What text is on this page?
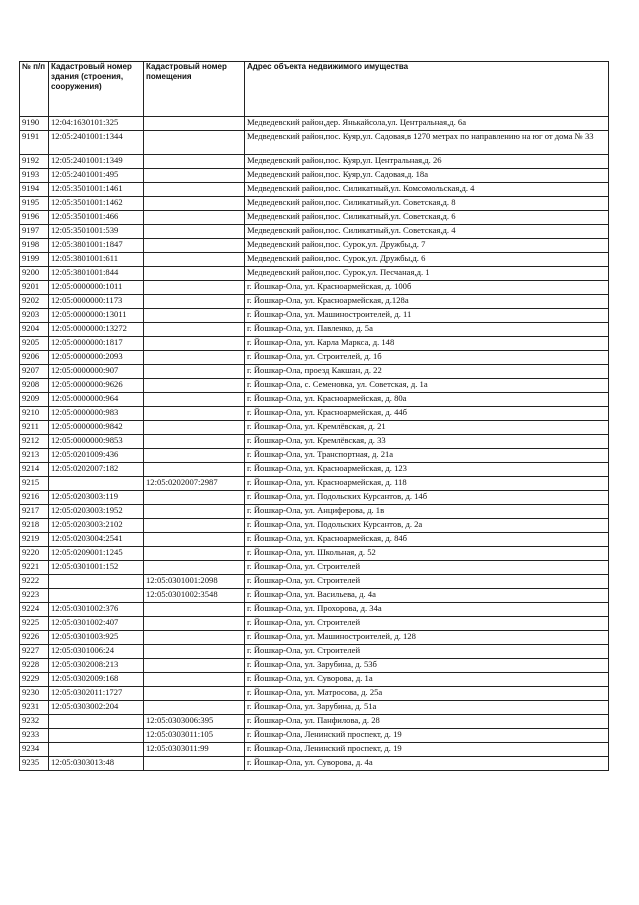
№ п/п	Кадастровый номер здания (строения, сооружения)	Кадастровый номер помещения	Адрес объекта недвижимого имущества
9190	12:04:1630101:325		Медведевский район,дер. Янькайсола,ул. Центральная,д. 6а
9191	12:05:2401001:1344		Медведевский район,пос. Куяр,ул. Садовая,в 1270 метрах по направлению на юг от дома № 33
9192	12:05:2401001:1349		Медведевский район,пос. Куяр,ул. Центральная,д. 26
9193	12:05:2401001:495		Медведевский район,пос. Куяр,ул. Садовая,д. 18а
9194	12:05:3501001:1461		Медведевский район,пос. Силикатный,ул. Комсомольская,д. 4
9195	12:05:3501001:1462		Медведевский район,пос. Силикатный,ул. Советская,д. 8
9196	12:05:3501001:466		Медведевский район,пос. Силикатный,ул. Советская,д. 6
9197	12:05:3501001:539		Медведевский район,пос. Силикатный,ул. Советская,д. 4
9198	12:05:3801001:1847		Медведевский район,пос. Сурок,ул. Дружбы,д. 7
9199	12:05:3801001:611		Медведевский район,пос. Сурок,ул. Дружбы,д. 6
9200	12:05:3801001:844		Медведевский район,пос. Сурок,ул. Песчаная,д. 1
9201	12:05:0000000:1011		г. Йошкар-Ола, ул. Красноармейская, д. 100б
9202	12:05:0000000:1173		г. Йошкар-Ола, ул. Красноармейская, д.128а
9203	12:05:0000000:13011		г. Йошкар-Ола, ул. Машиностроителей, д. 11
9204	12:05:0000000:13272		г. Йошкар-Ола, ул. Павленко, д. 5а
9205	12:05:0000000:1817		г. Йошкар-Ола, ул. Карла Маркса, д. 148
9206	12:05:0000000:2093		г. Йошкар-Ола, ул. Строителей, д. 1б
9207	12:05:0000000:907		г. Йошкар-Ола, проезд Какшан, д. 22
9208	12:05:0000000:9626		г. Йошкар-Ола, с. Семеновка, ул. Советская, д. 1а
9209	12:05:0000000:964		г. Йошкар-Ола, ул. Красноармейская, д. 80а
9210	12:05:0000000:983		г. Йошкар-Ола, ул. Красноармейская, д. 44б
9211	12:05:0000000:9842		г. Йошкар-Ола, ул. Кремлёвская, д. 21
9212	12:05:0000000:9853		г. Йошкар-Ола, ул. Кремлёвская, д. 33
9213	12:05:0201009:436		г. Йошкар-Ола, ул. Транспортная, д. 21а
9214	12:05:0202007:182		г. Йошкар-Ола, ул. Красноармейская, д. 123
9215		12:05:0202007:2987	г. Йошкар-Ола, ул. Красноармейская, д. 118
9216	12:05:0203003:119		г. Йошкар-Ола, ул. Подольских Курсантов, д. 14б
9217	12:05:0203003:1952		г. Йошкар-Ола, ул. Анциферова, д. 1в
9218	12:05:0203003:2102		г. Йошкар-Ола, ул. Подольских Курсантов, д. 2а
9219	12:05:0203004:2541		г. Йошкар-Ола, ул. Красноармейская, д. 84б
9220	12:05:0209001:1245		г. Йошкар-Ола, ул. Школьная, д. 52
9221	12:05:0301001:152		г. Йошкар-Ола, ул. Строителей
9222		12:05:0301001:2098	г. Йошкар-Ола, ул. Строителей
9223		12:05:0301002:3548	г. Йошкар-Ола, ул. Васильева, д. 4а
9224	12:05:0301002:376		г. Йошкар-Ола, ул. Прохорова, д. 34а
9225	12:05:0301002:407		г. Йошкар-Ола, ул. Строителей
9226	12:05:0301003:925		г. Йошкар-Ола, ул. Машиностроителей, д. 128
9227	12:05:0301006:24		г. Йошкар-Ола, ул. Строителей
9228	12:05:0302008:213		г. Йошкар-Ола, ул. Зарубина, д. 53б
9229	12:05:0302009:168		г. Йошкар-Ола, ул. Суворова, д. 1а
9230	12:05:0302011:1727		г. Йошкар-Ола, ул. Матросова, д. 25а
9231	12:05:0303002:204		г. Йошкар-Ола, ул. Зарубина, д. 51а
9232		12:05:0303006:395	г. Йошкар-Ола, ул. Панфилова, д. 28
9233		12:05:0303011:105	г. Йошкар-Ола, Ленинский проспект, д. 19
9234		12:05:0303011:99	г. Йошкар-Ола, Ленинский проспект, д. 19
9235	12:05:0303013:48		г. Йошкар-Ола, ул. Суворова, д. 4а
